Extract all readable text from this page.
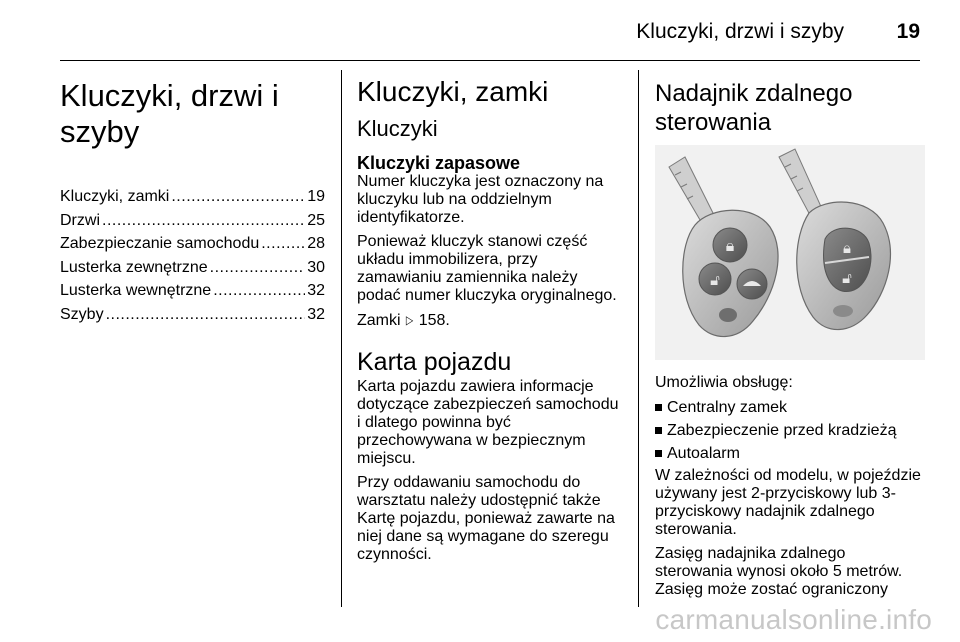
Kluczyki, drzwi i szyby	19
Kluczyki, drzwi i szyby
Kluczyki, zamki .....	19
Drzwi .....	25
Zabezpieczanie samochodu .....	28
Lusterka zewnętrzne .....	30
Lusterka wewnętrzne .....	32
Szyby .....	32
Kluczyki, zamki
Kluczyki
Kluczyki zapasowe

Numer kluczyka jest oznaczony na kluczyku lub na oddzielnym identyfikatorze.

Ponieważ kluczyk stanowi część układu immobilizera, przy zamawianiu zamiennika należy podać numer kluczyka oryginalnego.

Zamki ▷ 158.

Karta pojazdu

Karta pojazdu zawiera informacje dotyczące zabezpieczeń samochodu i dlatego powinna być przechowywana w bezpiecznym miejscu.

Przy oddawaniu samochodu do warsztatu należy udostępnić także Kartę pojazdu, ponieważ zawarte na niej dane są wymagane do szeregu czynności.

Nadajnik zdalnego sterowania
🔒︎
🔓︎
🔒︎
🔓︎

Umożliwia obsługę:

Centralny zamek
Zabezpieczenie przed kradzieżą
Autoalarm

W zależności od modelu, w pojeździe używany jest 2-przyciskowy lub 3-przyciskowy nadajnik zdalnego sterowania.

Zasięg nadajnika zdalnego sterowania wynosi około 5 metrów. Zasięg może zostać ograniczony

carmanualsonline.info
